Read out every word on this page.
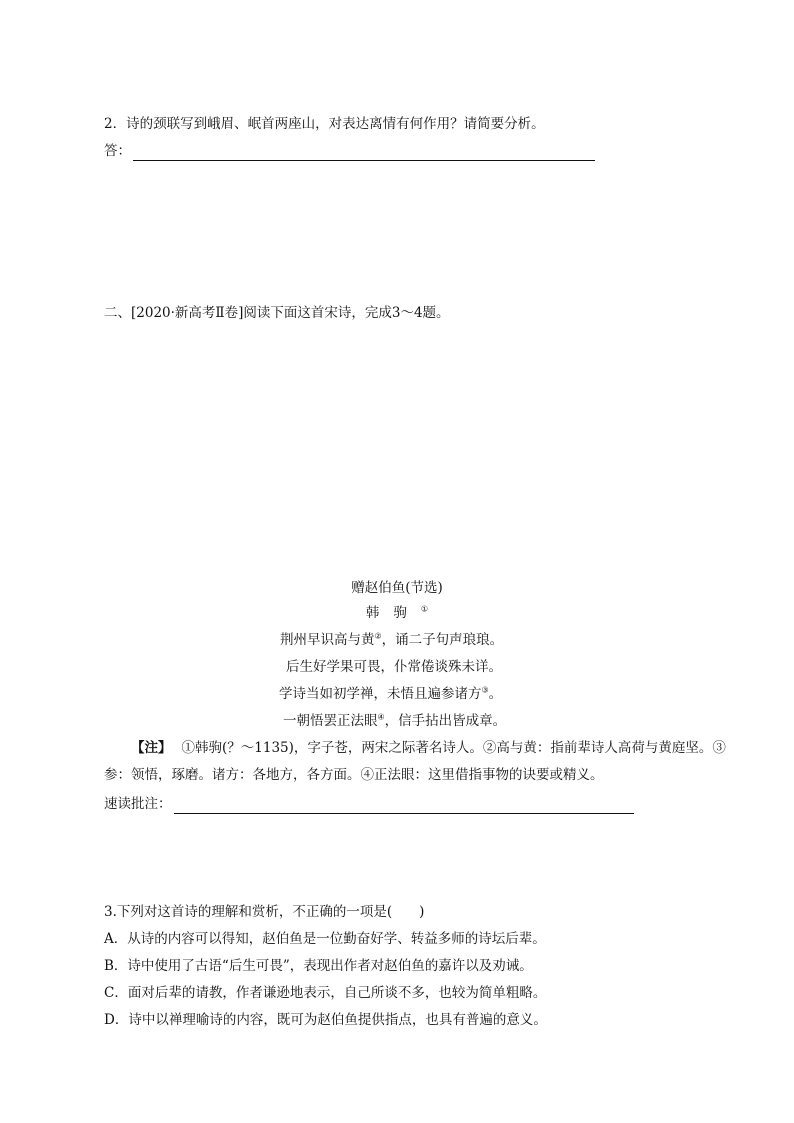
2．诗的颈联写到峨眉、岷首两座山，对表达离情有何作用？请简要分析。
答：
二、[2020·新高考Ⅱ卷]阅读下面这首宋诗，完成3～4题。
赠赵伯鱼(节选)
韩驹①
荆州早识高与黄②，诵二子句声琅琅。
后生好学果可畏，仆常倦谈殊未详。
学诗当如初学禅，未悟且遍参诸方③。
一朝悟罢正法眼④，信手拈出皆成章。
【注】 ①韩驹(？～1135)，字子苍，两宋之际著名诗人。②高与黄：指前辈诗人高荷与黄庭坚。③
参：领悟，琢磨。诸方：各地方，各方面。④正法眼：这里借指事物的诀要或精义。
速读批注：
3.下列对这首诗的理解和赏析，不正确的一项是(　　)
A．从诗的内容可以得知，赵伯鱼是一位勤奋好学、转益多师的诗坛后辈。
B．诗中使用了古语“后生可畏”，表现出作者对赵伯鱼的嘉许以及劝诫。
C．面对后辈的请教，作者谦逊地表示，自己所谈不多，也较为简单粗略。
D．诗中以禅理喻诗的内容，既可为赵伯鱼提供指点，也具有普遍的意义。
